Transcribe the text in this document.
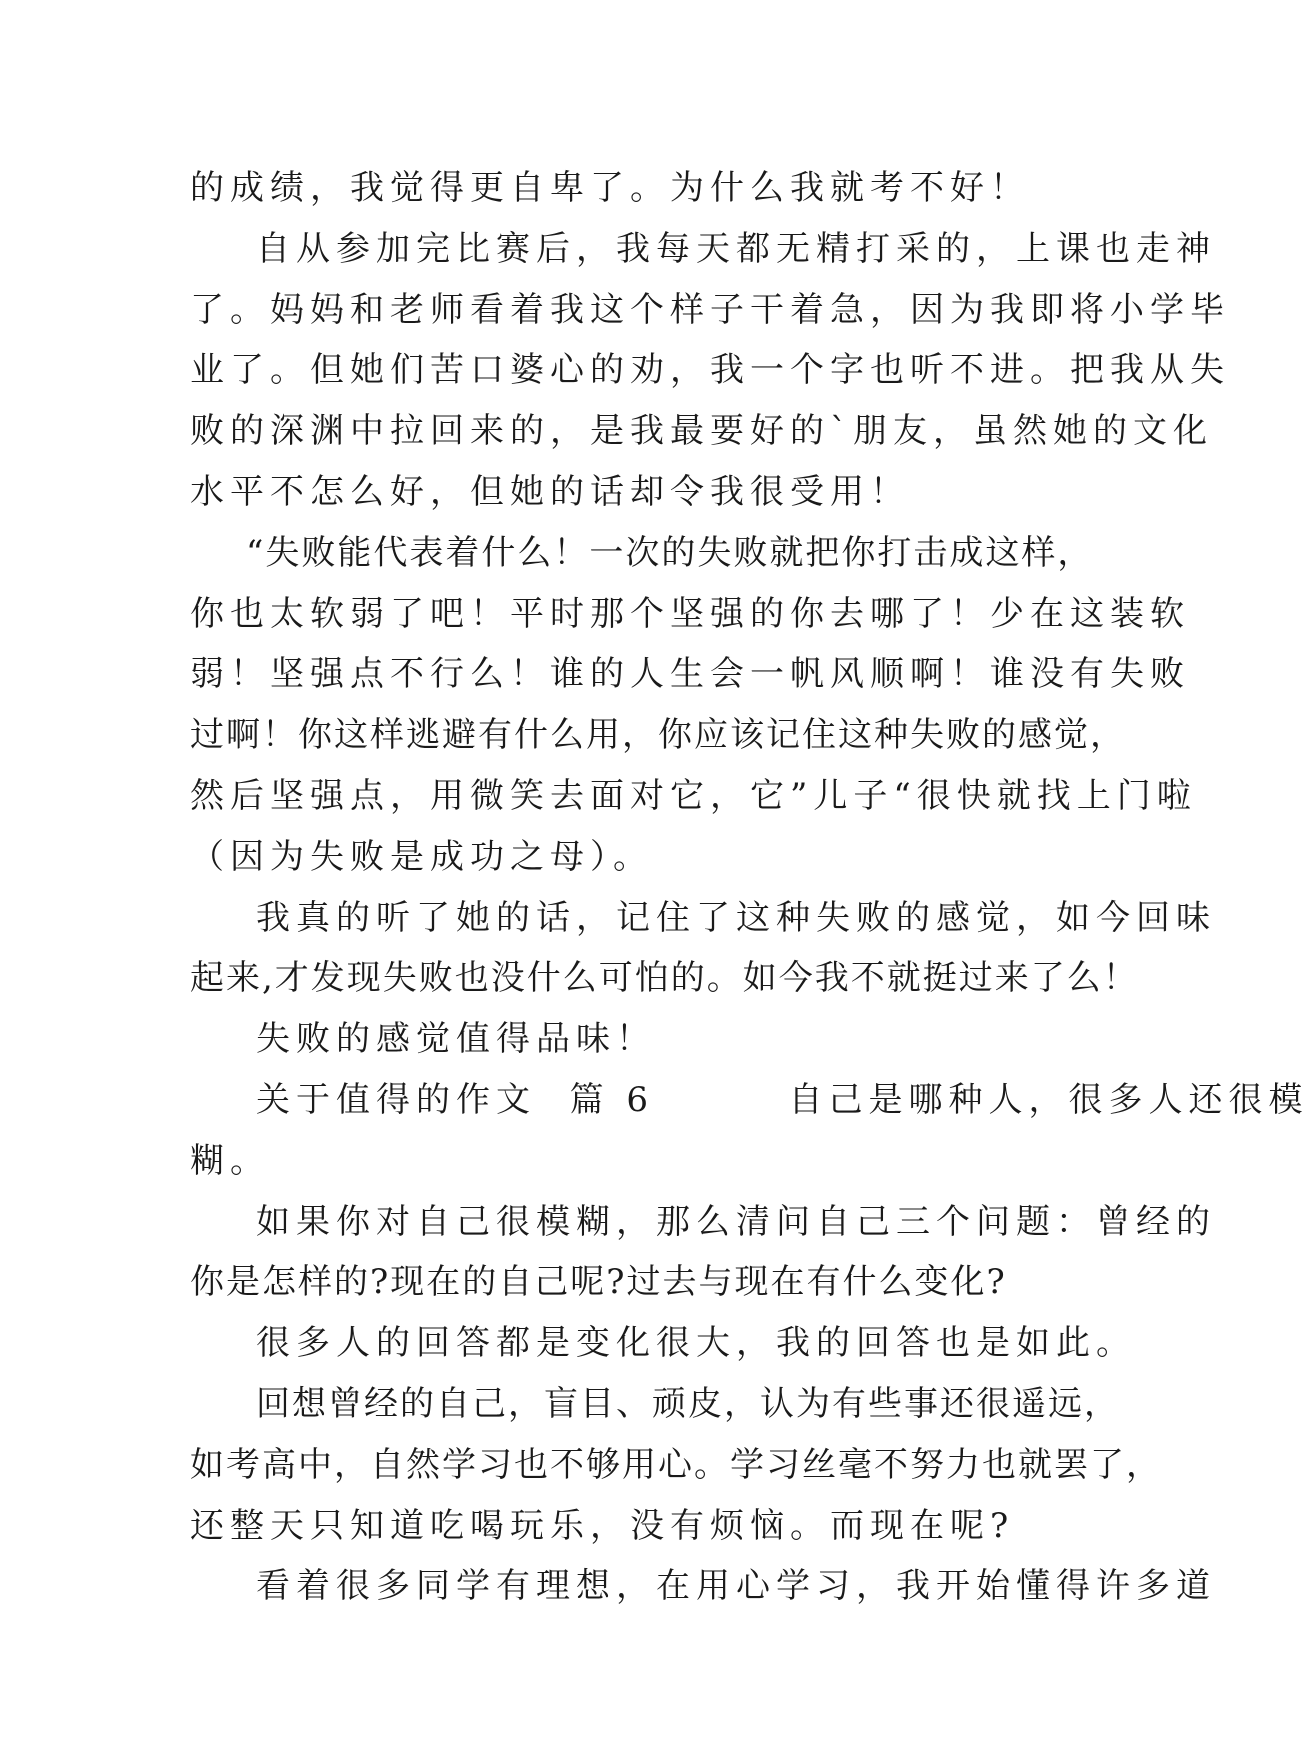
的成绩，我觉得更自卑了。为什么我就考不好！
自从参加完比赛后，我每天都无精打采的，上课也走神
了。妈妈和老师看着我这个样子干着急，因为我即将小学毕
业了。但她们苦口婆心的劝，我一个字也听不进。把我从失
败的深渊中拉回来的，是我最要好的`朋友，虽然她的文化
水平不怎么好，但她的话却令我很受用！
“失败能代表着什么！一次的失败就把你打击成这样，
你也太软弱了吧！平时那个坚强的你去哪了！少在这装软
弱！坚强点不行么！谁的人生会一帆风顺啊！谁没有失败
过啊！你这样逃避有什么用，你应该记住这种失败的感觉，
然后坚强点，用微笑去面对它，它”儿子“很快就找上门啦
（因为失败是成功之母）。
我真的听了她的话，记住了这种失败的感觉，如今回味
起来,才发现失败也没什么可怕的。如今我不就挺过来了么！
失败的感觉值得品味！
关于值得的作文  篇 6        自己是哪种人，很多人还很模
糊。
如果你对自己很模糊，那么清问自己三个问题：曾经的
你是怎样的?现在的自己呢?过去与现在有什么变化?
很多人的回答都是变化很大，我的回答也是如此。
回想曾经的自己，盲目、顽皮，认为有些事还很遥远，
如考高中，自然学习也不够用心。学习丝毫不努力也就罢了，
还整天只知道吃喝玩乐，没有烦恼。而现在呢?
看着很多同学有理想，在用心学习，我开始懂得许多道
